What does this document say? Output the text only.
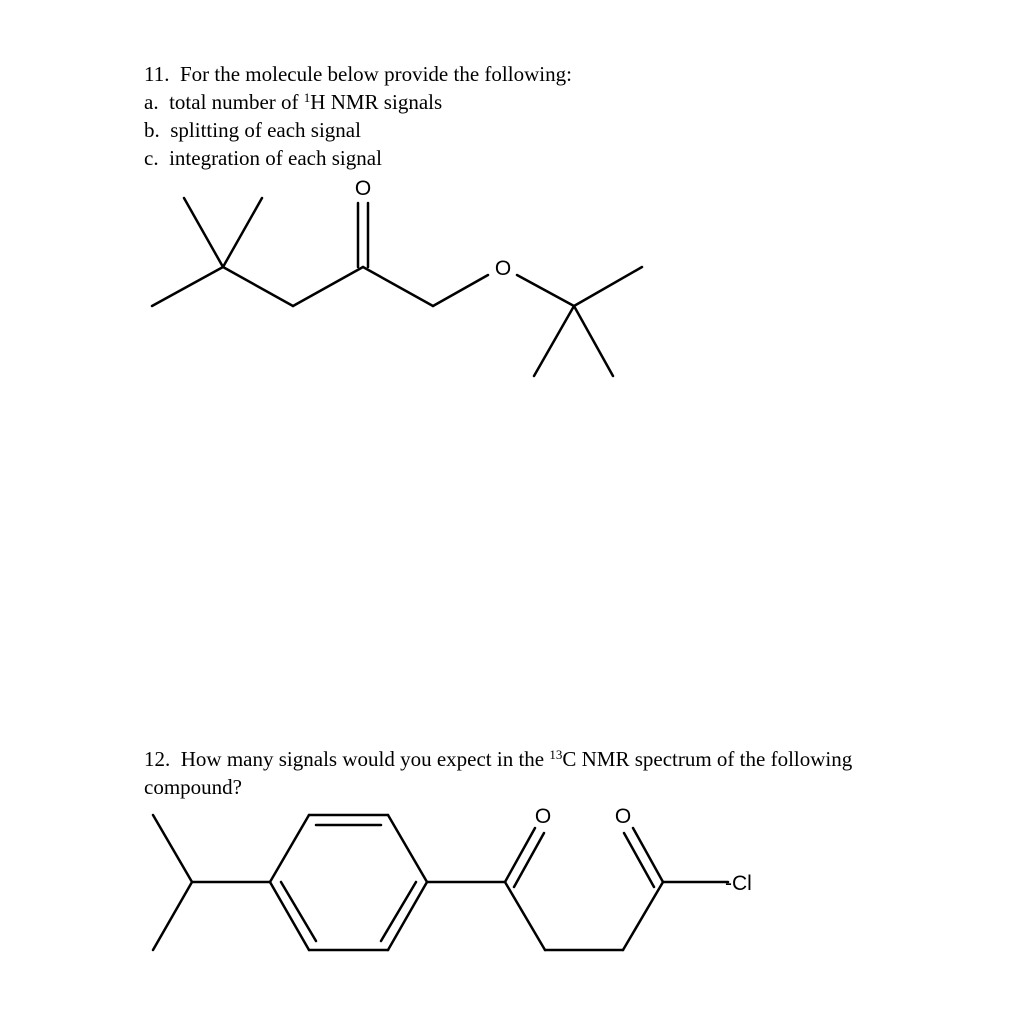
11. For the molecule below provide the following:
a. total number of $^1$H NMR signals
b. splitting of each signal
c. integration of each signal
O
O
12. How many signals would you expect in the $^{13}$C NMR spectrum of the following
compound?
O	O
-Cl
